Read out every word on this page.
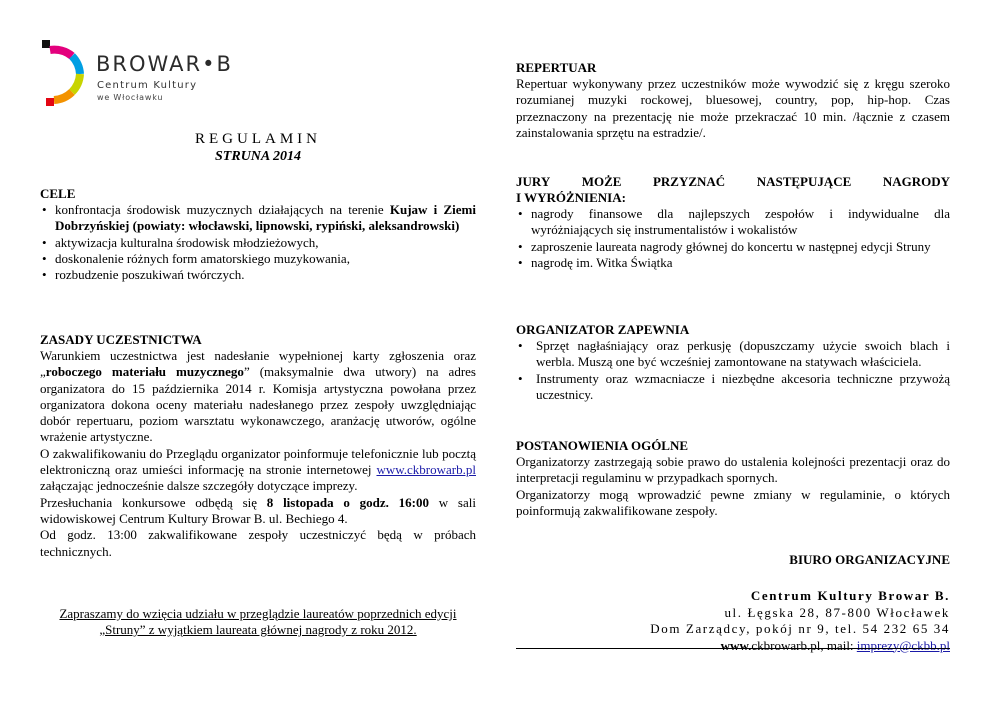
BROWAR•B
Centrum Kultury
we Włocławku
REGULAMIN
STRUNA 2014
CELE
• konfrontacja środowisk muzycznych działających na terenie Kujaw i Ziemi Dobrzyńskiej (powiaty: włocławski, lipnowski, rypiński, aleksandrowski)
• aktywizacja kulturalna środowisk młodzieżowych,
• doskonalenie różnych form amatorskiego muzykowania,
• rozbudzenie poszukiwań twórczych.
ZASADY UCZESTNICTWA
Warunkiem uczestnictwa jest nadesłanie wypełnionej karty zgłoszenia oraz „roboczego materiału muzycznego” (maksymalnie dwa utwory) na adres organizatora do 15 października 2014 r. Komisja artystyczna powołana przez organizatora dokona oceny materiału nadesłanego przez zespoły uwzględniając dobór repertuaru, poziom warsztatu wykonawczego, aranżację utworów, ogólne wrażenie artystyczne.
O zakwalifikowaniu do Przeglądu organizator poinformuje telefonicznie lub pocztą elektroniczną oraz umieści informację na stronie internetowej www.ckbrowarb.pl załączając jednocześnie dalsze szczegóły dotyczące imprezy.
Przesłuchania konkursowe odbędą się 8 listopada o godz. 16:00 w sali widowiskowej Centrum Kultury Browar B. ul. Bechiego 4.
Od godz. 13:00 zakwalifikowane zespoły uczestniczyć będą w próbach technicznych.
Zapraszamy do wzięcia udziału w przeglądzie laureatów poprzednich edycji
„Struny” z wyjątkiem laureata głównej nagrody z roku 2012.
REPERTUAR
Repertuar wykonywany przez uczestników może wywodzić się z kręgu szeroko rozumianej muzyki rockowej, bluesowej, country, pop, hip-hop. Czas przeznaczony na prezentację nie może przekraczać 10 min. /łącznie z czasem zainstalowania sprzętu na estradzie/.
JURY MOŻE PRZYZNAĆ NASTĘPUJĄCE NAGRODY
I WYRÓŻNIENIA:
• nagrody finansowe dla najlepszych zespołów i indywidualne dla wyróżniających się instrumentalistów i wokalistów
• zaproszenie laureata nagrody głównej do koncertu w następnej edycji Struny
• nagrodę im. Witka Świątka
ORGANIZATOR ZAPEWNIA
• Sprzęt nagłaśniający oraz perkusję (dopuszczamy użycie swoich blach i werbla. Muszą one być wcześniej zamontowane na statywach właściciela.
• Instrumenty oraz wzmacniacze i niezbędne akcesoria techniczne przywożą uczestnicy.
POSTANOWIENIA OGÓLNE
Organizatorzy zastrzegają sobie prawo do ustalenia kolejności prezentacji oraz do interpretacji regulaminu w przypadkach spornych.
Organizatorzy mogą wprowadzić pewne zmiany w regulaminie, o których poinformują zakwalifikowane zespoły.
BIURO ORGANIZACYJNE
Centrum Kultury Browar B.
ul. Łęgska 28, 87-800 Włocławek
Dom Zarządcy, pokój nr 9, tel. 54 232 65 34
www.ckbrowarb.pl, mail: imprezy@ckbb.pl
